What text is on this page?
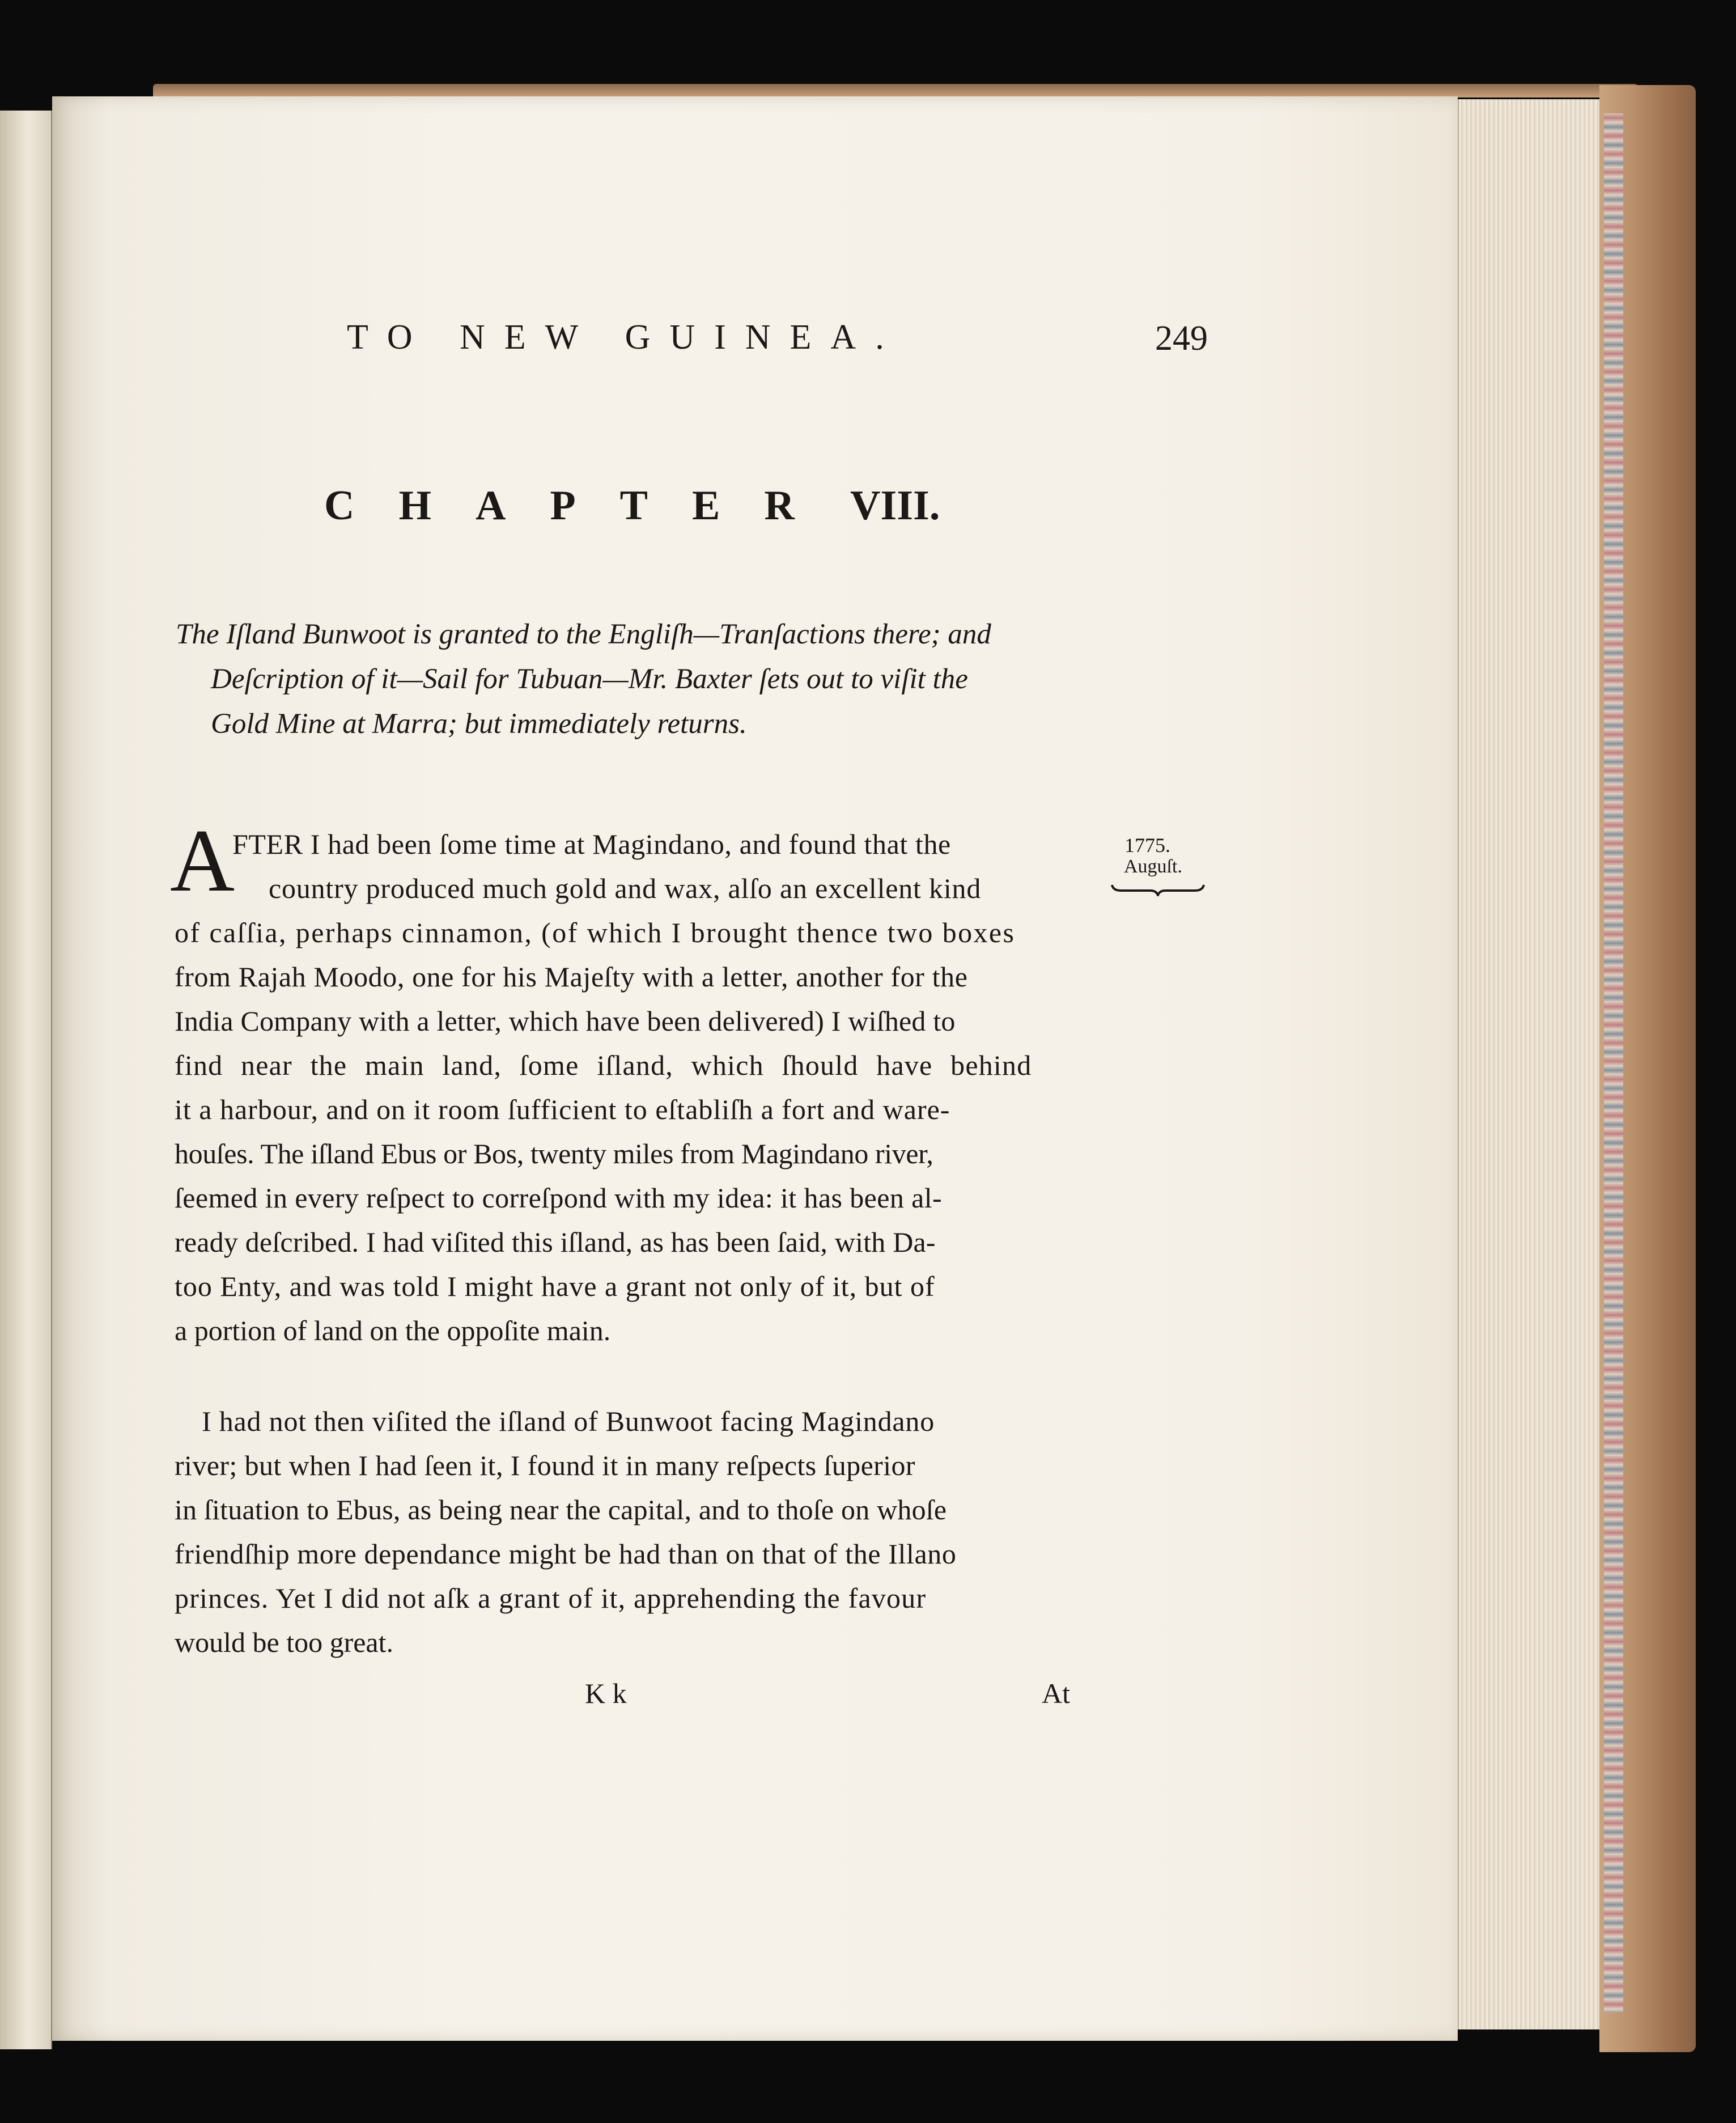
TO NEW GUINEA.	249
CHAPTER VIII.
The Iſland Bunwoot is granted to the Engliſh—Tranſactions there; and
Deſcription of it—Sail for Tubuan—Mr. Baxter ſets out to viſit the
Gold Mine at Marra; but immediately returns.
A
FTER I had been ſome time at Magindano, and found that the
country produced much gold and wax, alſo an excellent kind
of caſſia, perhaps cinnamon, (of which I brought thence two boxes
from Rajah Moodo, one for his Majeſty with a letter, another for the
India Company with a letter, which have been delivered) I wiſhed to
find near the main land, ſome iſland, which ſhould have behind
it a harbour, and on it room ſufficient to eſtabliſh a fort and ware-
houſes. The iſland Ebus or Bos, twenty miles from Magindano river,
ſeemed in every reſpect to correſpond with my idea: it has been al-
ready deſcribed. I had viſited this iſland, as has been ſaid, with Da-
too Enty, and was told I might have a grant not only of it, but of
a portion of land on the oppoſite main.
I had not then viſited the iſland of Bunwoot facing Magindano
river; but when I had ſeen it, I found it in many reſpects ſuperior
in ſituation to Ebus, as being near the capital, and to thoſe on whoſe
friendſhip more dependance might be had than on that of the Illano
princes. Yet I did not aſk a grant of it, apprehending the favour
would be too great.
1775.
Auguſt.
K k	At
